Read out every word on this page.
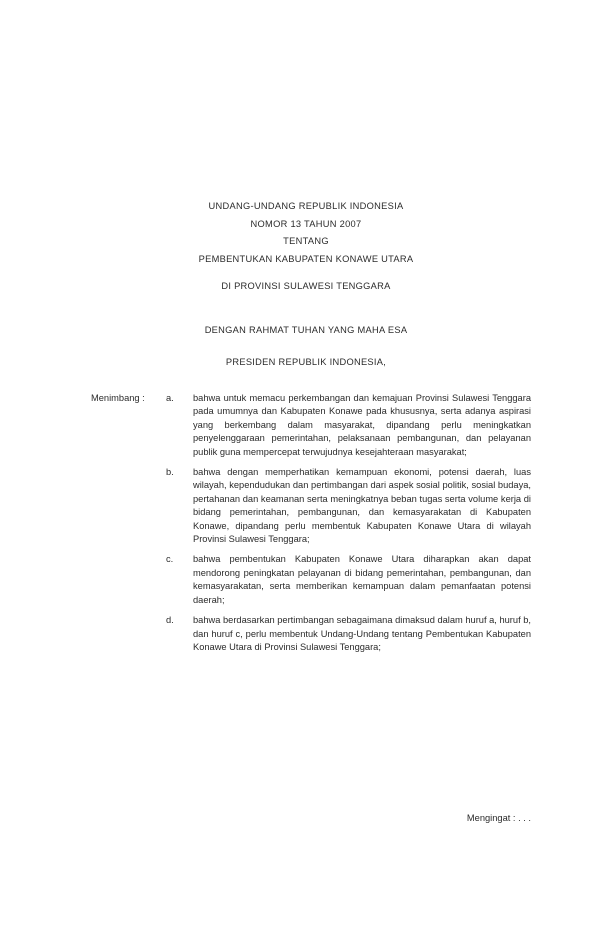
UNDANG-UNDANG REPUBLIK INDONESIA
NOMOR 13 TAHUN 2007
TENTANG
PEMBENTUKAN KABUPATEN KONAWE UTARA
DI PROVINSI SULAWESI TENGGARA
DENGAN RAHMAT TUHAN YANG MAHA ESA
PRESIDEN REPUBLIK INDONESIA,
Menimbang :	a.	bahwa untuk memacu perkembangan dan kemajuan Provinsi Sulawesi Tenggara pada umumnya dan Kabupaten Konawe pada khususnya, serta adanya aspirasi yang berkembang dalam masyarakat, dipandang perlu meningkatkan penyelenggaraan pemerintahan, pelaksanaan pembangunan, dan pelayanan publik guna mempercepat terwujudnya kesejahteraan masyarakat;
b.	bahwa dengan memperhatikan kemampuan ekonomi, potensi daerah, luas wilayah, kependudukan dan pertimbangan dari aspek sosial politik, sosial budaya, pertahanan dan keamanan serta meningkatnya beban tugas serta volume kerja di bidang pemerintahan, pembangunan, dan kemasyarakatan di Kabupaten Konawe, dipandang perlu membentuk Kabupaten Konawe Utara di wilayah Provinsi Sulawesi Tenggara;
c.	bahwa pembentukan Kabupaten Konawe Utara diharapkan akan dapat mendorong peningkatan pelayanan di bidang pemerintahan, pembangunan, dan kemasyarakatan, serta memberikan kemampuan dalam pemanfaatan potensi daerah;
d.	bahwa berdasarkan pertimbangan sebagaimana dimaksud dalam huruf a, huruf b, dan huruf c, perlu membentuk Undang-Undang tentang Pembentukan Kabupaten Konawe Utara di Provinsi Sulawesi Tenggara;
Mengingat : . . .
